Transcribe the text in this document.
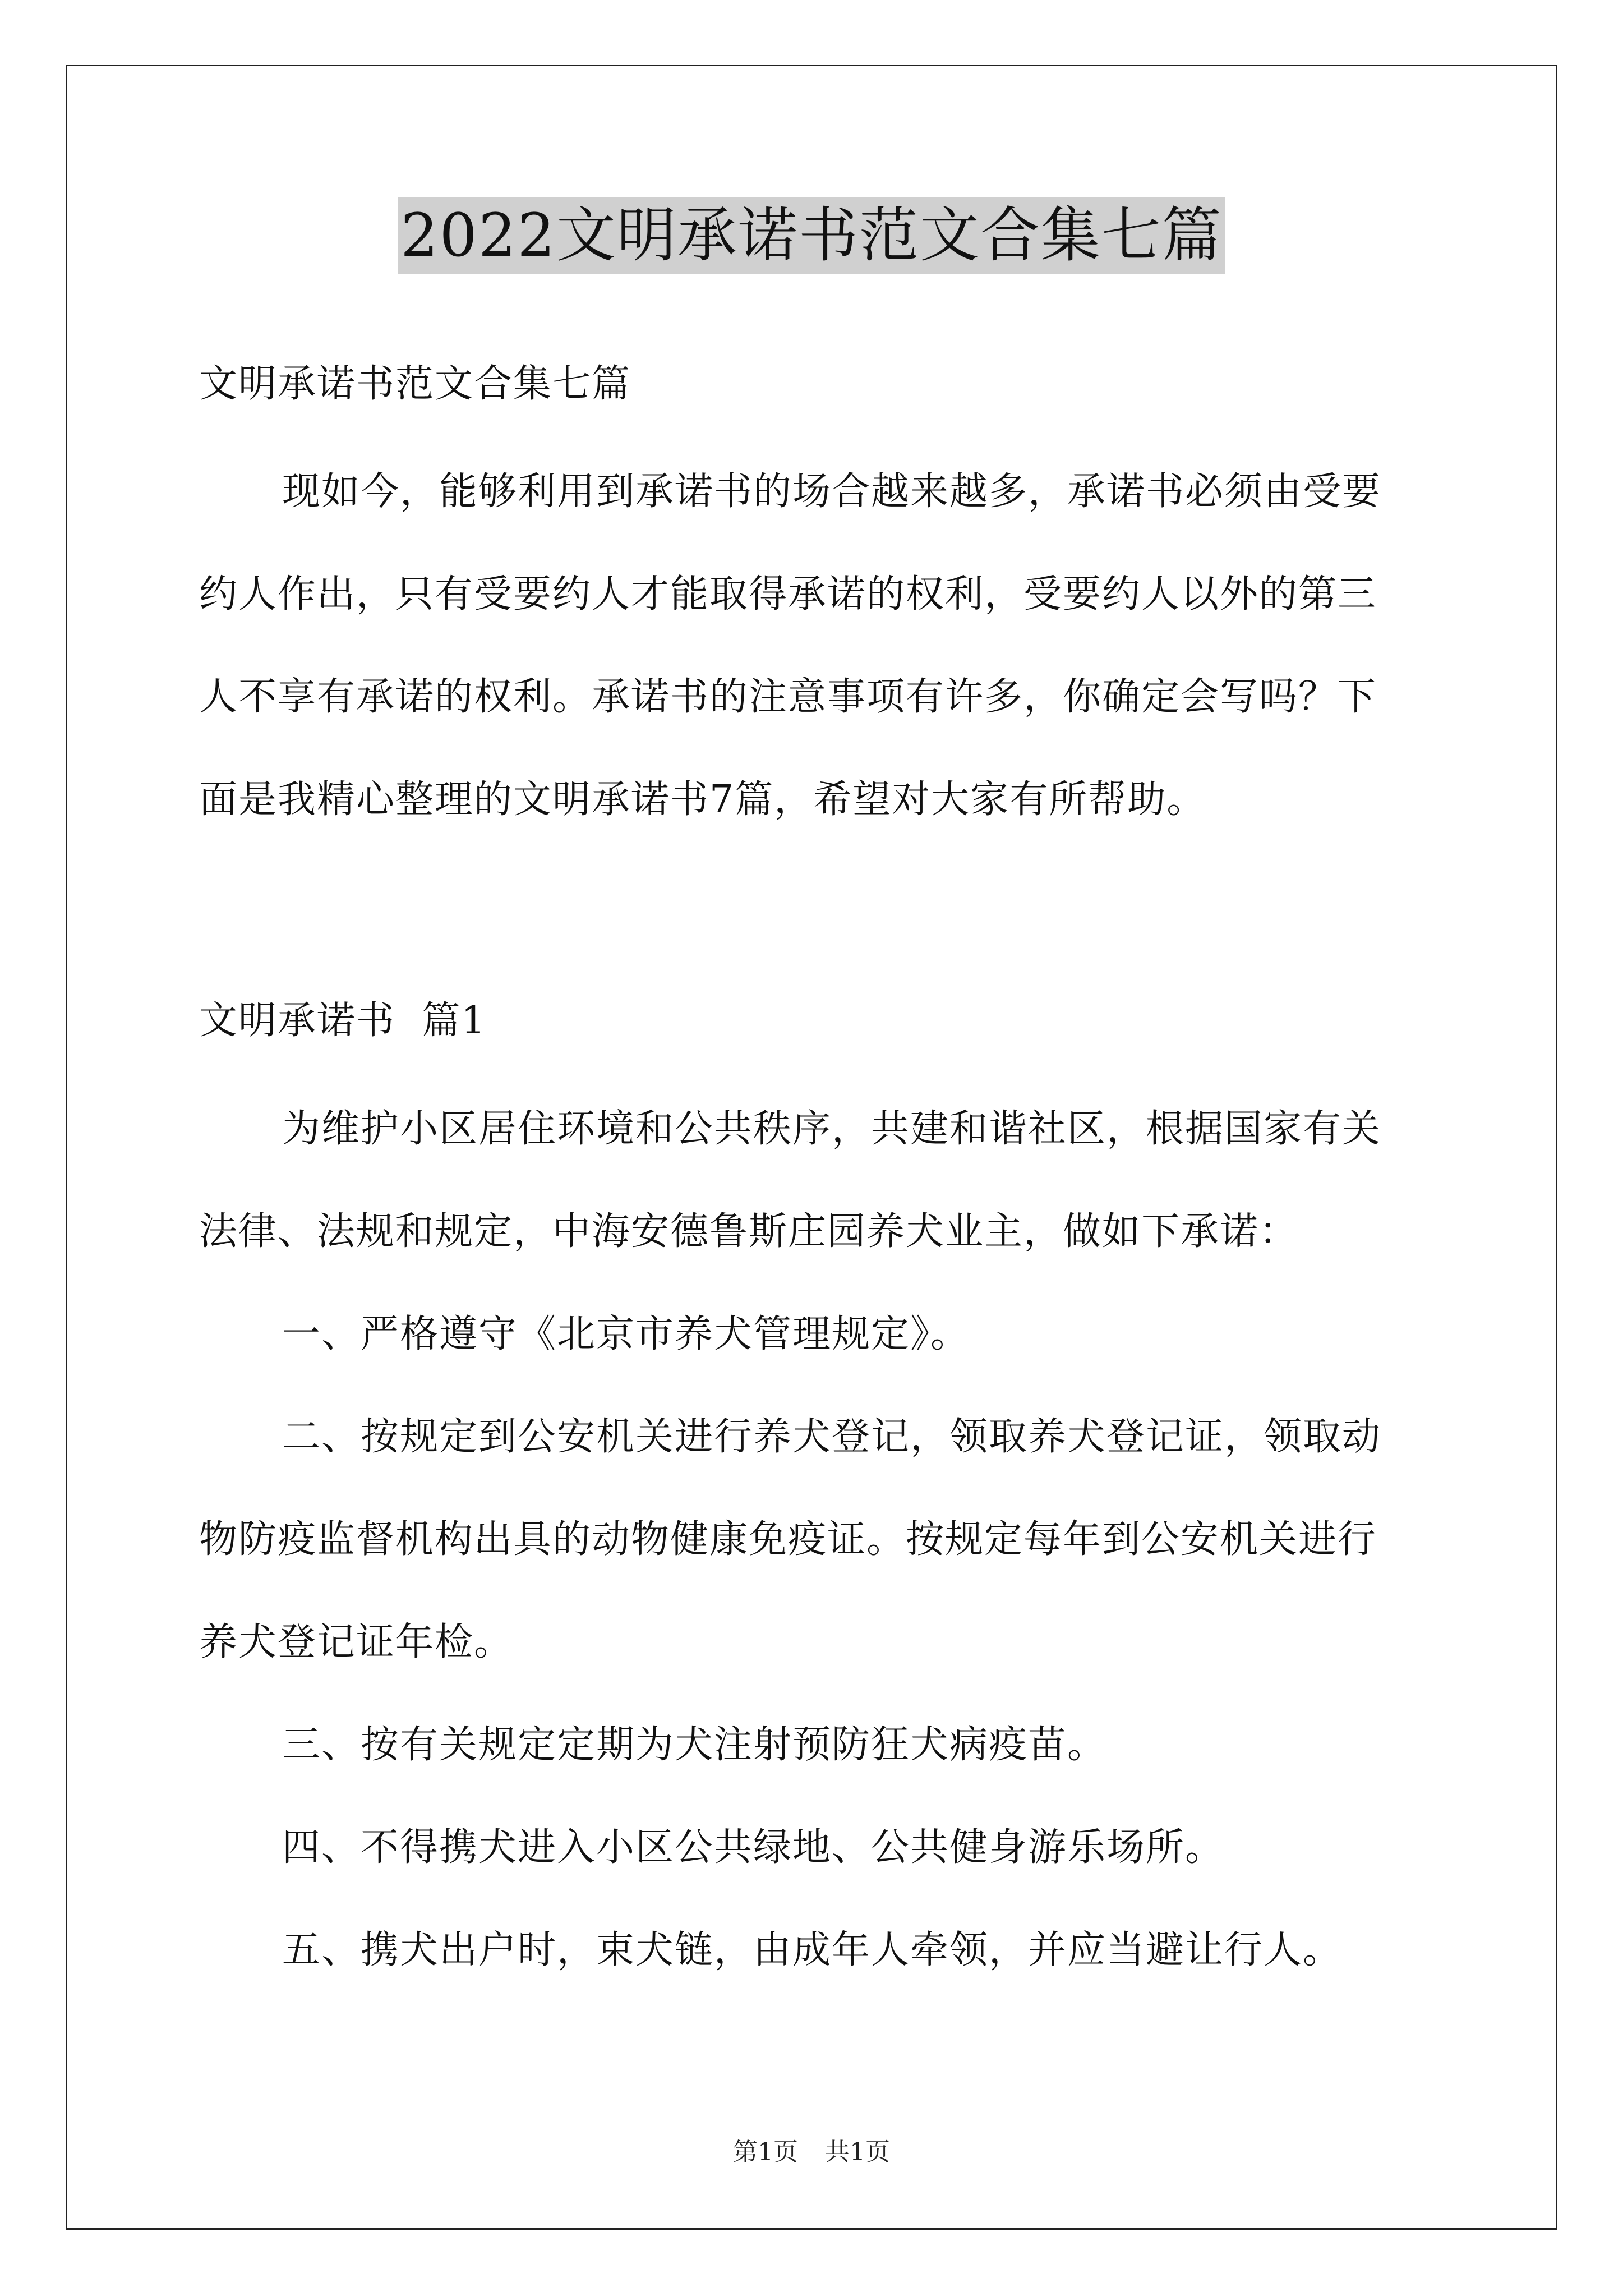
2022文明承诺书范文合集七篇
文明承诺书范文合集七篇
现如今，能够利用到承诺书的场合越来越多，承诺书必须由受要
约人作出，只有受要约人才能取得承诺的权利，受要约人以外的第三
人不享有承诺的权利。承诺书的注意事项有许多，你确定会写吗？下
面是我精心整理的文明承诺书7篇，希望对大家有所帮助。
文明承诺书  篇1
为维护小区居住环境和公共秩序，共建和谐社区，根据国家有关
法律、法规和规定，中海安德鲁斯庄园养犬业主，做如下承诺：
一、严格遵守《北京市养犬管理规定》。
二、按规定到公安机关进行养犬登记，领取养犬登记证，领取动
物防疫监督机构出具的动物健康免疫证。按规定每年到公安机关进行
养犬登记证年检。
三、按有关规定定期为犬注射预防狂犬病疫苗。
四、不得携犬进入小区公共绿地、公共健身游乐场所。
五、携犬出户时，束犬链，由成年人牵领，并应当避让行人。
第1页 共1页
